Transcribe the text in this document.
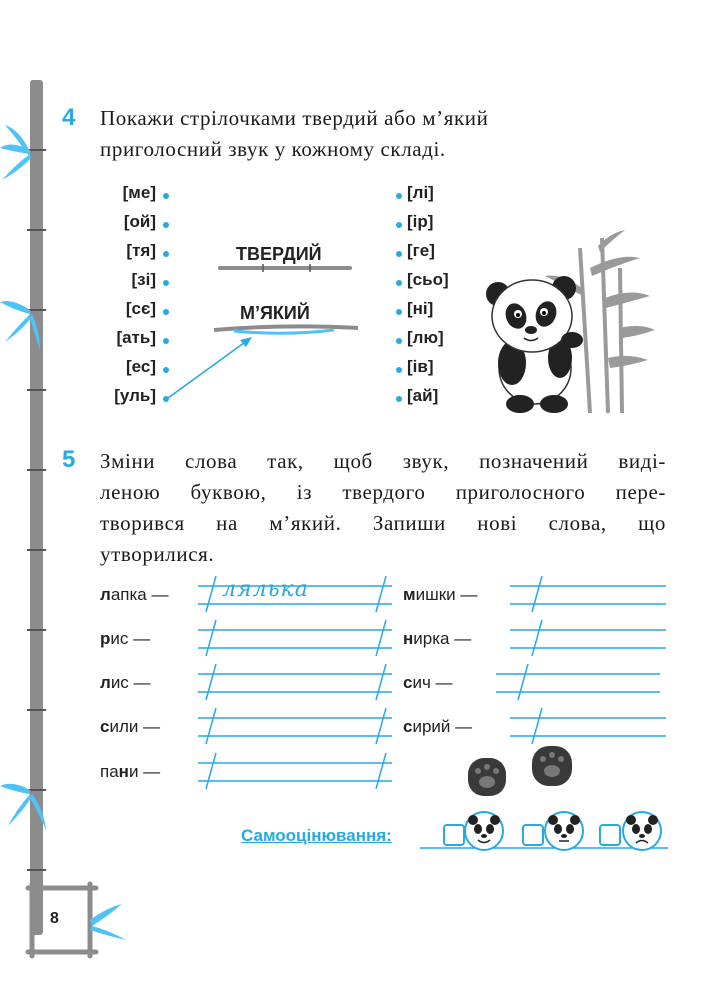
4 Покажи стрілочками твердий або м’який
приголосний звук у кожному складі.
[ме]
[ой]
[тя]
[зі]
[сє]
[ать]
[ес]
[уль]
[лі]
[ір]
[ге]
[сьо]
[ні]
[лю]
[ів]
[ай]
ТВЕРДИЙ
М’ЯКИЙ
5 Зміни слова так, щоб звук, позначений виді-
леною буквою, із твердого приголосного пере-
творився на м’який. Запиши нові слова, що
утворилися.
лапка —
рис —
лис —
сили —
пани —
мишки —
нирка —
сич —
сирий —
лялька
Самооцінювання:
8
